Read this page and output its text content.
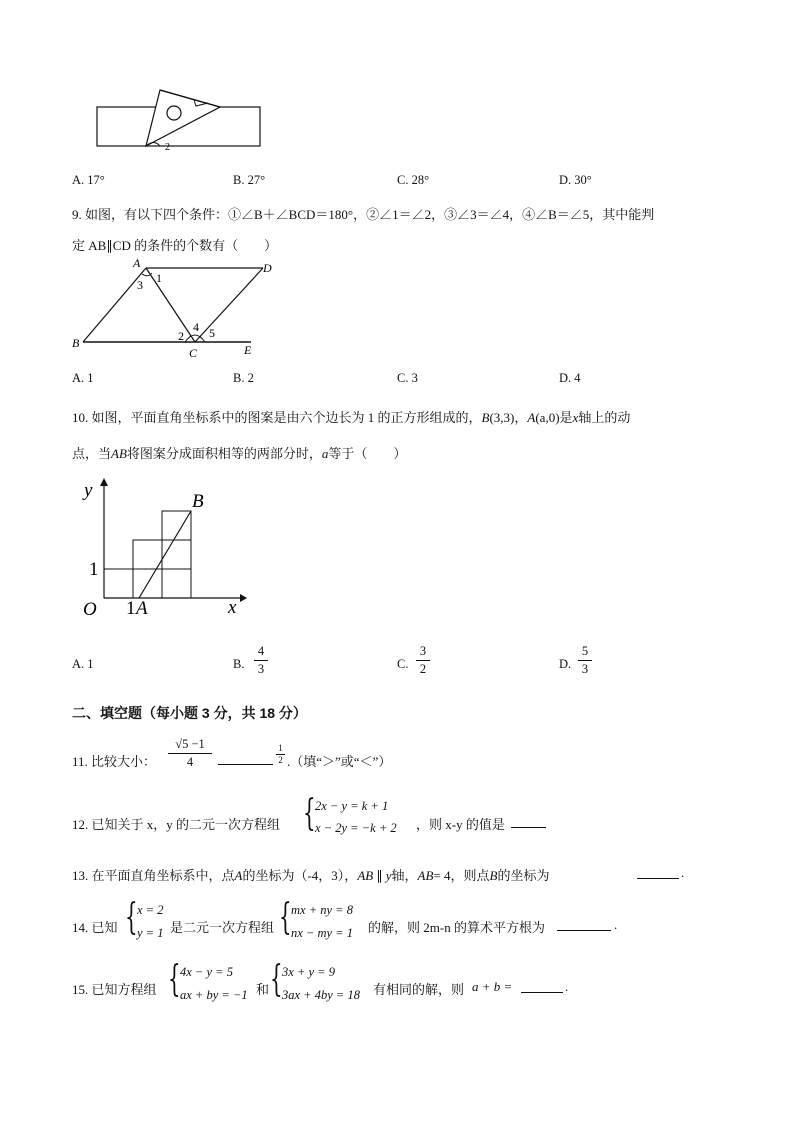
2
A. 17°	B. 27°	C. 28°	D. 30°
9. 如图，有以下四个条件：①∠B＋∠BCD＝180°，②∠1＝∠2，③∠3＝∠4，④∠B＝∠5，其中能判
定 AB∥CD 的条件的个数有（　　）
A	D
B
C	E
1
3
2
4 5
A. 1	B. 2	C. 3	D. 4
10. 如图，平面直角坐标系中的图案是由六个边长为 1 的正方形组成的，B(3,3)，A(a,0)是x轴上的动
点，当AB将图案分成面积相等的两部分时，a等于（　　）
y
x
O
1
1 A
B
A. 1	B.
4
3	C.
3
2	D.
5
3
二、填空题（每小题 3 分，共 18 分）
11. 比较大小：
√5 −1
4
1
2 .（填“＞”或“＜”）
12. 已知关于 x，y 的二元一次方程组 { 2x − y = k + 1
x − 2y = −k + 2 ，则 x-y 的值是
13. 在平面直角坐标系中，点A的坐标为（-4，3），AB ∥ y轴，AB= 4，则点B的坐标为	.
14. 已知 { x = 2
y = 1 是二元一次方程组 { mx + ny = 8
nx − my = 1 的解，则 2m-n 的算术平方根为	.
15. 已知方程组 { 4x − y = 5
ax + by = −1 和 { 3x + y = 9
3ax + 4by = 18 有相同的解，则 a + b =	.
